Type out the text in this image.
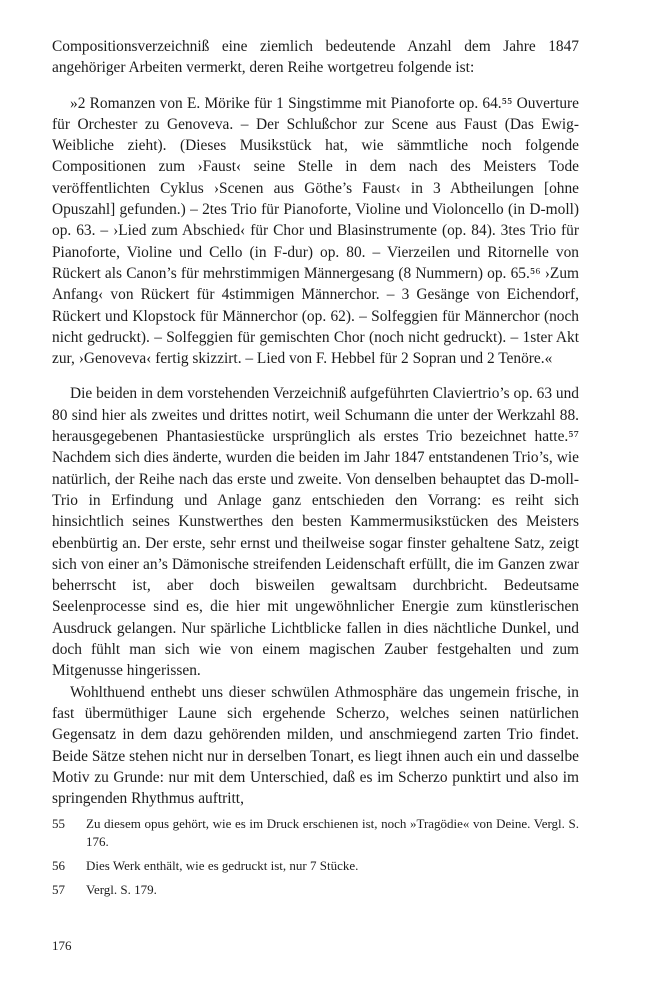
Compositionsverzeichniß eine ziemlich bedeutende Anzahl dem Jahre 1847 angehöriger Arbeiten vermerkt, deren Reihe wortgetreu folgende ist:

»2 Romanzen von E. Mörike für 1 Singstimme mit Pianoforte op. 64.⁵⁵ Ouverture für Orchester zu Genoveva. – Der Schlußchor zur Scene aus Faust (Das Ewig-Weibliche zieht). (Dieses Musikstück hat, wie sämmtliche noch folgende Compositionen zum ›Faust‹ seine Stelle in dem nach des Meisters Tode veröffentlichten Cyklus ›Scenen aus Göthe’s Faust‹ in 3 Abtheilungen [ohne Opuszahl] gefunden.) – 2tes Trio für Pianoforte, Violine und Violoncello (in D-moll) op. 63. – ›Lied zum Abschied‹ für Chor und Blasinstrumente (op. 84). 3tes Trio für Pianoforte, Violine und Cello (in F-dur) op. 80. – Vierzeilen und Ritornelle von Rückert als Canon’s für mehrstimmigen Männergesang (8 Nummern) op. 65.⁵⁶ ›Zum Anfang‹ von Rückert für 4stimmigen Männerchor. – 3 Gesänge von Eichendorf, Rückert und Klopstock für Männerchor (op. 62). – Solfeggien für Männerchor (noch nicht gedruckt). – Solfeggien für gemischten Chor (noch nicht gedruckt). – 1ster Akt zur, ›Genoveva‹ fertig skizzirt. – Lied von F. Hebbel für 2 Sopran und 2 Tenöre.«

Die beiden in dem vorstehenden Verzeichniß aufgeführten Claviertrio’s op. 63 und 80 sind hier als zweites und drittes notirt, weil Schumann die unter der Werkzahl 88. herausgegebenen Phantasiestücke ursprünglich als erstes Trio bezeichnet hatte.⁵⁷ Nachdem sich dies änderte, wurden die beiden im Jahr 1847 entstandenen Trio’s, wie natürlich, der Reihe nach das erste und zweite. Von denselben behauptet das D-moll-Trio in Erfindung und Anlage ganz entschieden den Vorrang: es reiht sich hinsichtlich seines Kunstwerthes den besten Kammermusikstücken des Meisters ebenbürtig an. Der erste, sehr ernst und theilweise sogar finster gehaltene Satz, zeigt sich von einer an’s Dämonische streifenden Leidenschaft erfüllt, die im Ganzen zwar beherrscht ist, aber doch bisweilen gewaltsam durchbricht. Bedeutsame Seelenprocesse sind es, die hier mit ungewöhnlicher Energie zum künstlerischen Ausdruck gelangen. Nur spärliche Lichtblicke fallen in dies nächtliche Dunkel, und doch fühlt man sich wie von einem magischen Zauber festgehalten und zum Mitgenusse hingerissen.

Wohlthuend enthebt uns dieser schwülen Athmosphäre das ungemein frische, in fast übermüthiger Laune sich ergehende Scherzo, welches seinen natürlichen Gegensatz in dem dazu gehörenden milden, und anschmiegend zarten Trio findet. Beide Sätze stehen nicht nur in derselben Tonart, es liegt ihnen auch ein und dasselbe Motiv zu Grunde: nur mit dem Unterschied, daß es im Scherzo punktirt und also im springenden Rhythmus auftritt,

55 Zu diesem opus gehört, wie es im Druck erschienen ist, noch »Tragödie« von Deine. Vergl. S. 176.

56 Dies Werk enthält, wie es gedruckt ist, nur 7 Stücke.

57 Vergl. S. 179.

176
